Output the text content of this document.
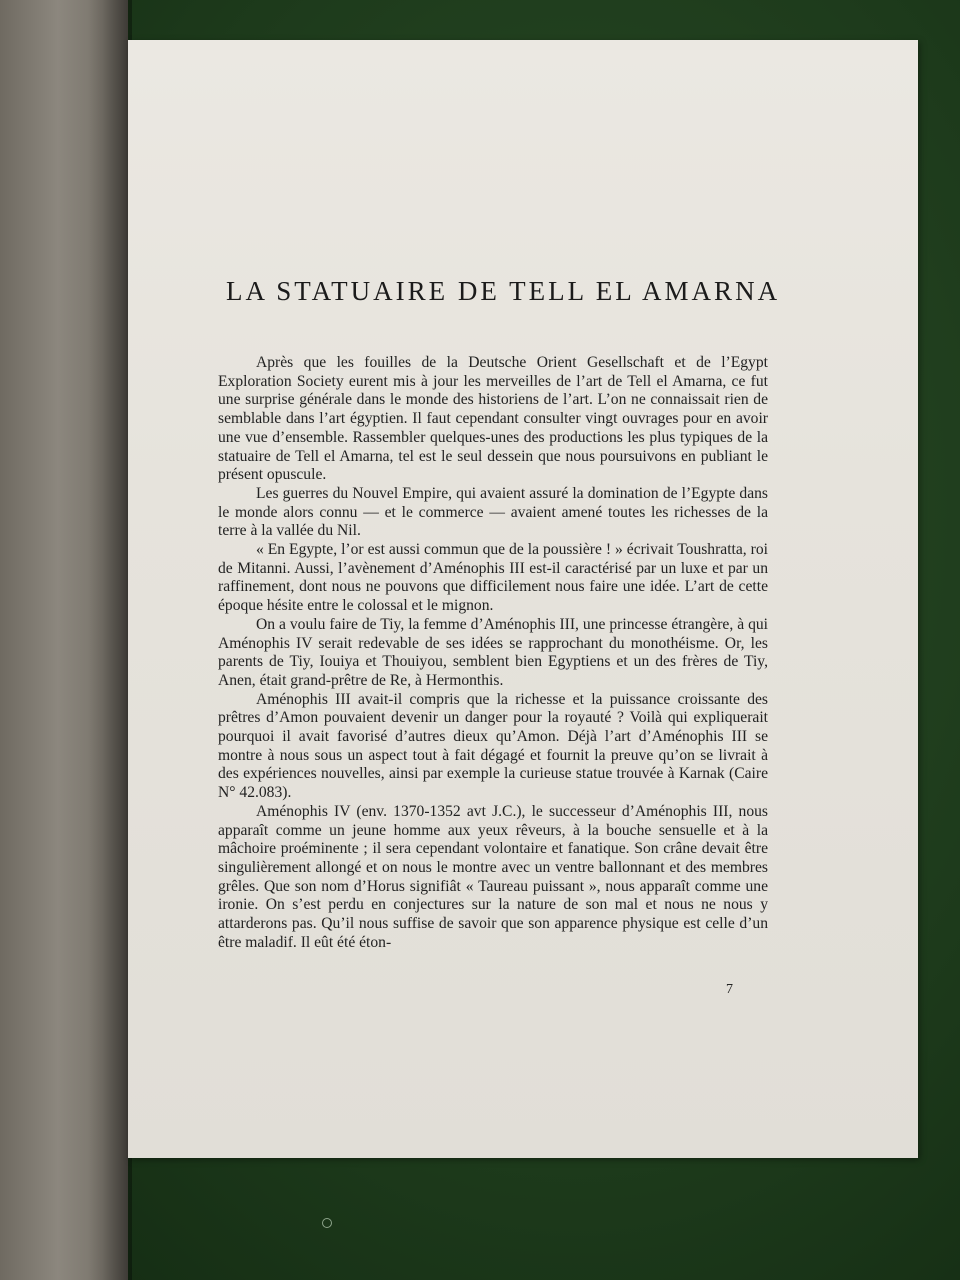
LA STATUAIRE DE TELL EL AMARNA

Après que les fouilles de la Deutsche Orient Gesellschaft et de l’Egypt Exploration Society eurent mis à jour les merveilles de l’art de Tell el Amarna, ce fut une surprise générale dans le monde des historiens de l’art. L’on ne connaissait rien de semblable dans l’art égyptien. Il faut cependant consulter vingt ouvrages pour en avoir une vue d’ensemble. Rassembler quelques-unes des productions les plus typiques de la statuaire de Tell el Amarna, tel est le seul dessein que nous poursuivons en publiant le présent opuscule.

Les guerres du Nouvel Empire, qui avaient assuré la domination de l’Egypte dans le monde alors connu — et le commerce — avaient amené toutes les richesses de la terre à la vallée du Nil.

« En Egypte, l’or est aussi commun que de la poussière ! » écrivait Toushratta, roi de Mitanni. Aussi, l’avènement d’Aménophis III est-il caractérisé par un luxe et par un raffinement, dont nous ne pouvons que difficilement nous faire une idée. L’art de cette époque hésite entre le colossal et le mignon.

On a voulu faire de Tiy, la femme d’Aménophis III, une princesse étrangère, à qui Aménophis IV serait redevable de ses idées se rapprochant du monothéisme. Or, les parents de Tiy, Iouiya et Thouiyou, semblent bien Egyptiens et un des frères de Tiy, Anen, était grand-prêtre de Re, à Hermonthis.

Aménophis III avait-il compris que la richesse et la puissance croissante des prêtres d’Amon pouvaient devenir un danger pour la royauté ? Voilà qui expliquerait pourquoi il avait favorisé d’autres dieux qu’Amon. Déjà l’art d’Aménophis III se montre à nous sous un aspect tout à fait dégagé et fournit la preuve qu’on se livrait à des expériences nouvelles, ainsi par exemple la curieuse statue trouvée à Karnak (Caire N° 42.083).

Aménophis IV (env. 1370-1352 avt J.C.), le successeur d’Aménophis III, nous apparaît comme un jeune homme aux yeux rêveurs, à la bouche sensuelle et à la mâchoire proéminente ; il sera cependant volontaire et fanatique. Son crâne devait être singulièrement allongé et on nous le montre avec un ventre ballonnant et des membres grêles. Que son nom d’Horus signifiât « Taureau puissant », nous apparaît comme une ironie. On s’est perdu en conjectures sur la nature de son mal et nous ne nous y attarderons pas. Qu’il nous suffise de savoir que son apparence physique est celle d’un être maladif. Il eût été éton-

7
